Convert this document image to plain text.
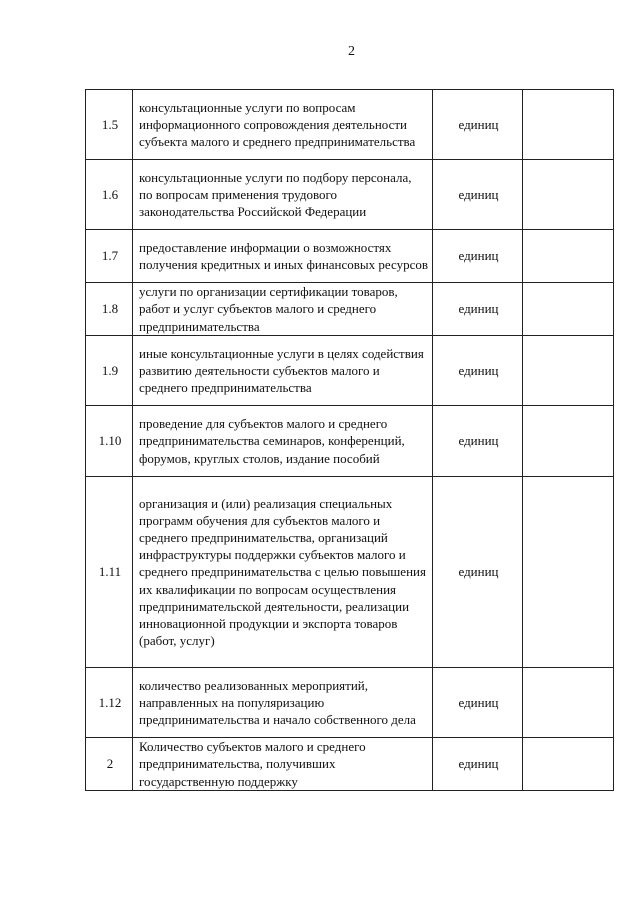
2
1.5	консультационные услуги по вопросам информационного сопровождения деятельности субъекта малого и среднего предпринимательства	единиц	
1.6	консультационные услуги по подбору персонала, по вопросам применения трудового законодательства Российской Федерации	единиц	
1.7	предоставление информации о возможностях получения кредитных и иных финансовых ресурсов	единиц	
1.8	услуги по организации сертификации товаров, работ и услуг субъектов малого и среднего предпринимательства	единиц	
1.9	иные консультационные услуги в целях содействия развитию деятельности субъектов малого и среднего предпринимательства	единиц	
1.10	проведение для субъектов малого и среднего предпринимательства семинаров, конференций, форумов, круглых столов, издание пособий	единиц	
1.11	организация и (или) реализация специальных программ обучения для субъектов малого и среднего предпринимательства, организаций инфраструктуры поддержки субъектов малого и среднего предпринимательства с целью повышения их квалификации по вопросам осуществления предпринимательской деятельности, реализации инновационной продукции и экспорта товаров (работ, услуг)	единиц	
1.12	количество реализованных мероприятий, направленных на популяризацию предпринимательства и начало собственного дела	единиц	
2	Количество субъектов малого и среднего предпринимательства, получивших государственную поддержку	единиц	
